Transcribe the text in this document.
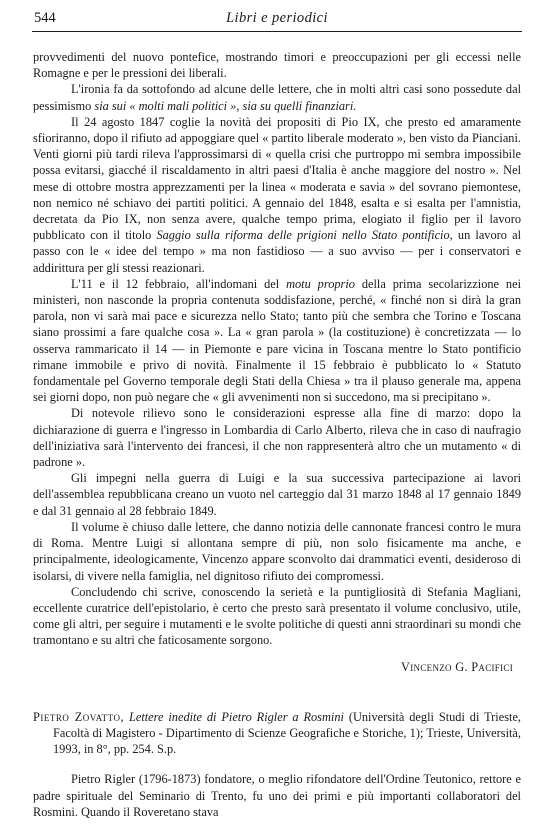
544	Libri e periodici

provvedimenti del nuovo pontefice, mostrando timori e preoccupazioni per gli eccessi nelle Romagne e per le pressioni dei liberali.

L'ironia fa da sottofondo ad alcune delle lettere, che in molti altri casi sono possedute dal pessimismo sia sui « molti mali politici », sia su quelli finanziari.

Il 24 agosto 1847 coglie la novità dei propositi di Pio IX, che presto ed amaramente sfioriranno, dopo il rifiuto ad appoggiare quel « partito liberale moderato », ben visto da Pianciani. Venti giorni più tardi rileva l'approssimarsi di « quella crisi che purtroppo mi sembra impossibile possa evitarsi, giacché il riscaldamento in altri paesi d'Italia è anche maggiore del nostro ». Nel mese di ottobre mostra apprezzamenti per la linea « moderata e savia » del sovrano piemontese, non nemico né schiavo dei partiti politici. A gennaio del 1848, esalta e si esalta per l'amnistia, decretata da Pio IX, non senza avere, qualche tempo prima, elogiato il figlio per il lavoro pubblicato con il titolo Saggio sulla riforma delle prigioni nello Stato pontificio, un lavoro al passo con le « idee del tempo » ma non fastidioso — a suo avviso — per i conservatori e addirittura per gli stessi reazionari.

L'11 e il 12 febbraio, all'indomani del motu proprio della prima secolarizzione nei ministeri, non nasconde la propria contenuta soddisfazione, perché, « finché non si dirà la gran parola, non vi sarà mai pace e sicurezza nello Stato; tanto più che sembra che Torino e Toscana siano prossimi a fare qualche cosa ». La « gran parola » (la costituzione) è concretizzata — lo osserva rammaricato il 14 — in Piemonte e pare vicina in Toscana mentre lo Stato pontificio rimane immobile e privo di novità. Finalmente il 15 febbraio è pubblicato lo « Statuto fondamentale pel Governo temporale degli Stati della Chiesa » tra il plauso generale ma, appena sei giorni dopo, non può negare che « gli avvenimenti non si succedono, ma si precipitano ».

Di notevole rilievo sono le considerazioni espresse alla fine di marzo: dopo la dichiarazione di guerra e l'ingresso in Lombardia di Carlo Alberto, rileva che in caso di naufragio dell'iniziativa sarà l'intervento dei francesi, il che non rappresenterà altro che un mutamento « di padrone ».

Gli impegni nella guerra di Luigi e la sua successiva partecipazione ai lavori dell'assemblea repubblicana creano un vuoto nel carteggio dal 31 marzo 1848 al 17 gennaio 1849 e dal 31 gennaio al 28 febbraio 1849.

Il volume è chiuso dalle lettere, che danno notizia delle cannonate francesi contro le mura di Roma. Mentre Luigi si allontana sempre di più, non solo fisicamente ma anche, e principalmente, ideologicamente, Vincenzo appare sconvolto dai drammatici eventi, desideroso di isolarsi, di vivere nella famiglia, nel dignitoso rifiuto dei compromessi.

Concludendo chi scrive, conoscendo la serietà e la puntigliosità di Stefania Magliani, eccellente curatrice dell'epistolario, è certo che presto sarà presentato il volume conclusivo, utile, come gli altri, per seguire i mutamenti e le svolte politiche di questi anni straordinari su mondi che tramontano e su altri che faticosamente sorgono.

Vincenzo G. Pacifici

Pietro Zovatto, Lettere inedite di Pietro Rigler a Rosmini (Università degli Studi di Trieste, Facoltà di Magistero - Dipartimento di Scienze Geografiche e Storiche, 1); Trieste, Università, 1993, in 8°, pp. 254. S.p.

Pietro Rigler (1796-1873) fondatore, o meglio rifondatore dell'Ordine Teutonico, rettore e padre spirituale del Seminario di Trento, fu uno dei primi e più importanti collaboratori del Rosmini. Quando il Roveretano stava
